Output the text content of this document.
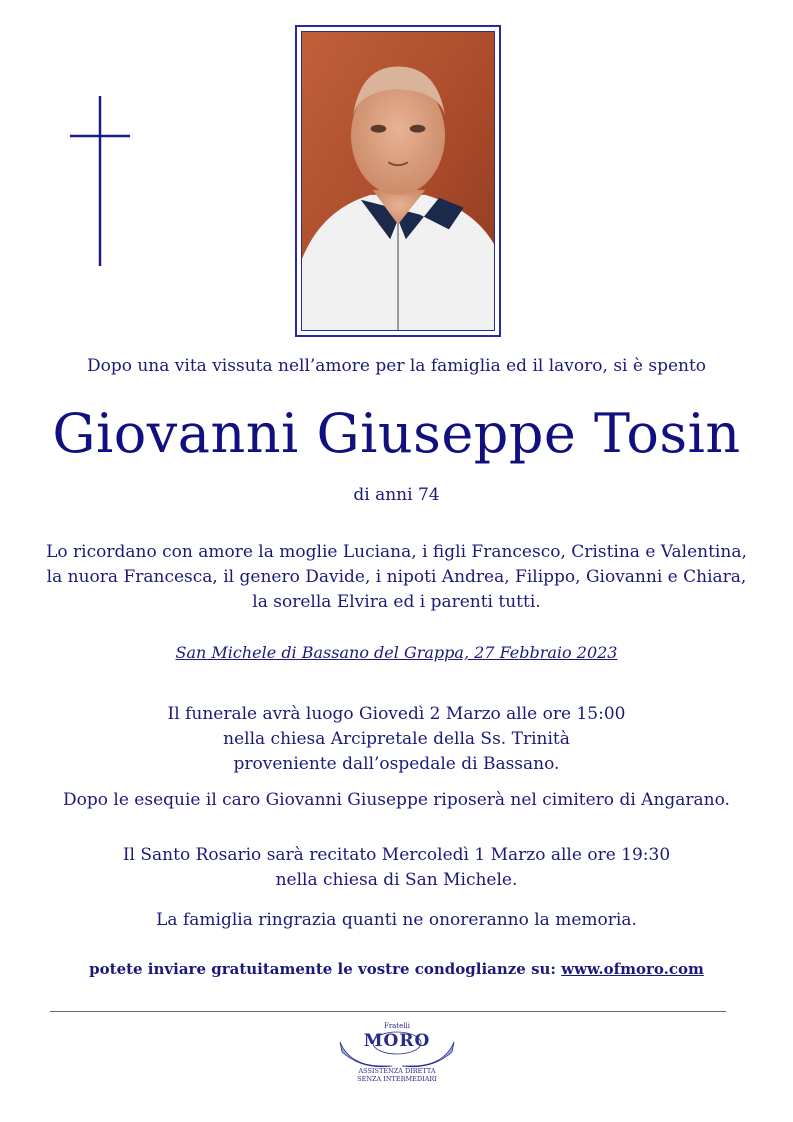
Dopo una vita vissuta nell’amore per la famiglia ed il lavoro, si è spento
Giovanni Giuseppe Tosin
di anni 74
Lo ricordano con amore la moglie Luciana, i figli Francesco, Cristina e Valentina,
la nuora Francesca, il genero Davide, i nipoti Andrea, Filippo, Giovanni e Chiara,
la sorella Elvira ed i parenti tutti.
San Michele di Bassano del Grappa, 27 Febbraio 2023
Il funerale avrà luogo Giovedì 2 Marzo alle ore 15:00
nella chiesa Arcipretale della Ss. Trinità
proveniente dall’ospedale di Bassano.
Dopo le esequie il caro Giovanni Giuseppe riposerà nel cimitero di Angarano.
Il Santo Rosario sarà recitato Mercoledì 1 Marzo alle ore 19:30
nella chiesa di San Michele.
La famiglia ringrazia quanti ne onoreranno la memoria.
potete inviare gratuitamente le vostre condoglianze su: www.ofmoro.com
Fratelli
MORO
ASSISTENZA DIRETTA
SENZA INTERMEDIARI
